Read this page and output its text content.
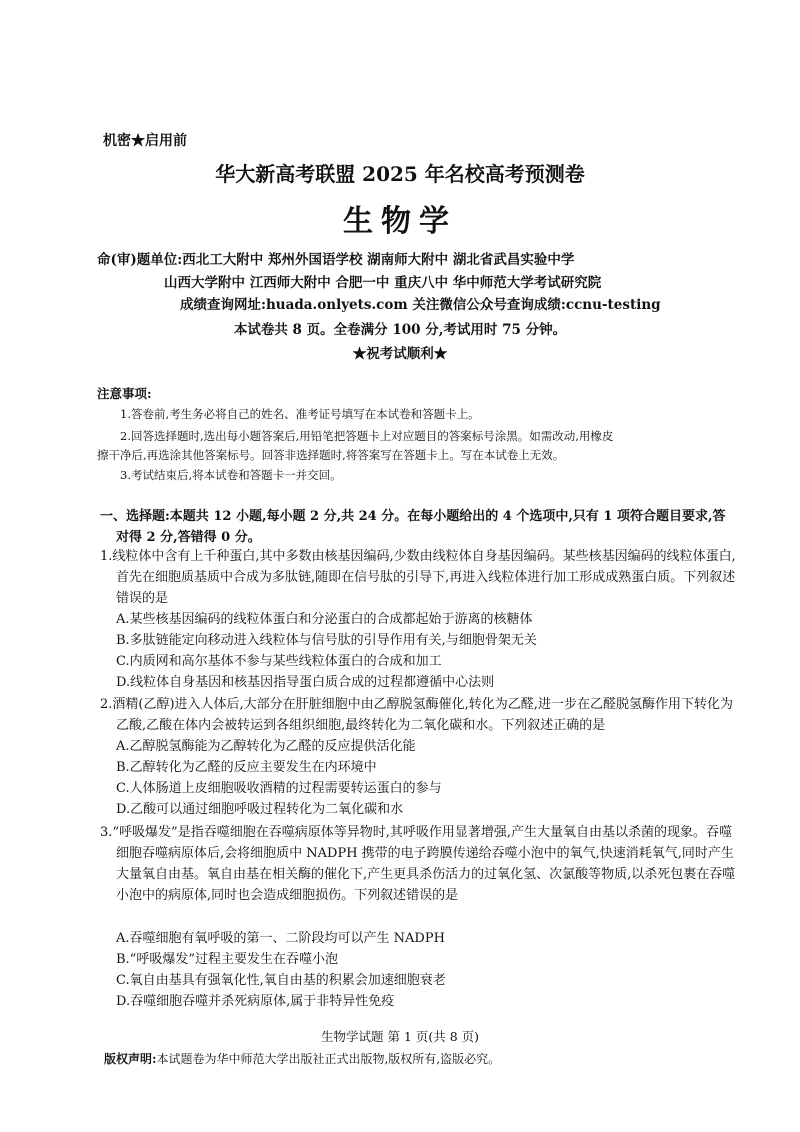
机密★启用前
华大新高考联盟 2025 年名校高考预测卷
生物学
命(审)题单位:西北工大附中 郑州外国语学校 湖南师大附中 湖北省武昌实验中学
山西大学附中 江西师大附中 合肥一中 重庆八中 华中师范大学考试研究院
成绩查询网址:huada.onlyets.com 关注微信公众号查询成绩:ccnu-testing
本试卷共 8 页。全卷满分 100 分,考试用时 75 分钟。
★祝考试顺利★
注意事项:
1.答卷前,考生务必将自己的姓名、准考证号填写在本试卷和答题卡上。
2.回答选择题时,选出每小题答案后,用铅笔把答题卡上对应题目的答案标号涂黑。如需改动,用橡皮
擦干净后,再选涂其他答案标号。回答非选择题时,将答案写在答题卡上。写在本试卷上无效。
3.考试结束后,将本试卷和答题卡一并交回。
一、选择题:本题共 12 小题,每小题 2 分,共 24 分。在每小题给出的 4 个选项中,只有 1 项符合题目要求,答对得 2 分,答错得 0 分。
1.线粒体中含有上千种蛋白,其中多数由核基因编码,少数由线粒体自身基因编码。某些核基因编码的线粒体蛋白,首先在细胞质基质中合成为多肽链,随即在信号肽的引导下,再进入线粒体进行加工形成成熟蛋白质。下列叙述错误的是
A.某些核基因编码的线粒体蛋白和分泌蛋白的合成都起始于游离的核糖体
B.多肽链能定向移动进入线粒体与信号肽的引导作用有关,与细胞骨架无关
C.内质网和高尔基体不参与某些线粒体蛋白的合成和加工
D.线粒体自身基因和核基因指导蛋白质合成的过程都遵循中心法则
2.酒精(乙醇)进入人体后,大部分在肝脏细胞中由乙醇脱氢酶催化,转化为乙醛,进一步在乙醛脱氢酶作用下转化为乙酸,乙酸在体内会被转运到各组织细胞,最终转化为二氧化碳和水。下列叙述正确的是
A.乙醇脱氢酶能为乙醇转化为乙醛的反应提供活化能
B.乙醇转化为乙醛的反应主要发生在内环境中
C.人体肠道上皮细胞吸收酒精的过程需要转运蛋白的参与
D.乙酸可以通过细胞呼吸过程转化为二氧化碳和水
3.“呼吸爆发”是指吞噬细胞在吞噬病原体等异物时,其呼吸作用显著增强,产生大量氧自由基以杀菌的现象。吞噬细胞吞噬病原体后,会将细胞质中 NADPH 携带的电子跨膜传递给吞噬小泡中的氧气,快速消耗氧气,同时产生大量氧自由基。氧自由基在相关酶的催化下,产生更具杀伤活力的过氧化氢、次氯酸等物质,以杀死包裹在吞噬小泡中的病原体,同时也会造成细胞损伤。下列叙述错误的是
A.吞噬细胞有氧呼吸的第一、二阶段均可以产生 NADPH
B.“呼吸爆发”过程主要发生在吞噬小泡
C.氧自由基具有强氧化性,氧自由基的积累会加速细胞衰老
D.吞噬细胞吞噬并杀死病原体,属于非特异性免疫
生物学试题 第 1 页(共 8 页)
版权声明:本试题卷为华中师范大学出版社正式出版物,版权所有,盗版必究。
